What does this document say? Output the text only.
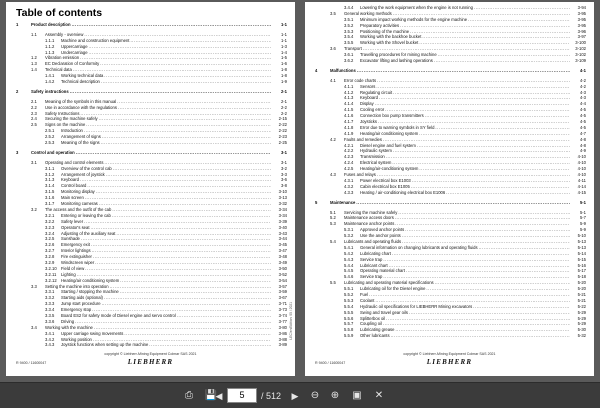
Table of contents
1	Product description . . .	1-1
1.1 Assembly - overview . . .	1-1
1.1.1 Machine and construction equipment . . .	1-1
1.1.2 Uppercarriage . . .	1-3
1.1.3 Undercarriage . . .	1-4
1.2 Vibration emission . . .	1-5
1.3 EC Declaration of Conformity . . .	1-6
1.4 Technical data . . .	1-8
1.4.1 Working technical data . . .	1-8
1.4.2 Technical description . . .	1-9
2	Safety instructions . . .	2-1
2.1 Meaning of the symbols in this manual . . .	2-1
2.2 Use in accordance with the regulations . . .	2-2
2.3 Safety Instructions . . .	2-2
2.4 Securing the machine safely . . .	2-15
2.5 Signs on the machine . . .	2-22
2.5.1 Introduction . . .	2-22
2.5.2 Arrangement of signs . . .	2-23
2.5.3 Meaning of the signs . . .	2-25
3	Control and operation . . .	3-1
3.1 Operating and control elements . . .	3-1
3.1.1 Overview of the control cab . . .	3-2
3.1.2 Arrangement of joystick . . .	3-3
3.1.3 Keyboard . . .	3-6
3.1.4 Control board . . .	3-8
3.1.5 Monitoring display . . .	3-10
3.1.6 Main screen . . .	3-13
3.1.7 Monitoring cameras . . .	3-32
3.2 The access and the outfit of the cab . . .	3-34
3.2.1 Entering or leaving the cab . . .	3-34
3.2.2 Safety lever . . .	3-39
3.2.3 Operator's seat . . .	3-40
3.2.4 Adjusting of the auxiliary seat . . .	3-43
3.2.5 Sunshade . . .	3-44
3.2.6 Emergency exit . . .	3-45
3.2.7 Interior lightings . . .	3-47
3.2.8 Fire extinguisher . . .	3-48
3.2.9 Windscreen wiper . . .	3-49
3.2.10 Field of view . . .	3-50
3.2.11 Lighting . . .	3-52
3.2.12 Heating/air conditioning system . . .	3-54
3.3 Setting the machine into operation . . .	3-57
3.3.1 Starting / stopping the machine . . .	3-59
3.3.2 Starting aids (optional) . . .	3-67
3.3.3 Jump start procedure . . .	3-71
3.3.4 Emergency stop . . .	3-73
3.3.5 Board ES2 for safety mode of Diesel engine and servo control . . .	3-74
3.3.6 Driving . . .	3-77
3.4 Working with the machine . . .	3-80
3.4.1 Upper carriage swing movements . . .	3-86
3.4.2 Working position . . .	3-88
3.4.3 Joystick functions when setting up the machine . . .	3-89
LEC/en/Edition: 05 / 2021
copyright © Liebherr-Mining Equipment Colmar SAS 2021
LIEBHERR
R 9400 / 11600047
3.4.4 Lowering the work equipment when the engine is not running . . .	3-94
3.5 General working methods . . .	3-95
3.5.1 Minimum impact working methods for the engine machine . . .	3-95
3.5.2 Preparatory activities . . .	3-95
3.5.3 Positioning of the machine . . .	3-96
3.5.4 Working with the backhoe bucket . . .	3-97
3.5.5 Working with the Shovel bucket . . .	3-100
3.6 Transport . . .	3-102
3.6.1 Travelling procedures for mining machine . . .	3-102
3.6.2 Excavator lifting and lashing operations . . .	3-109
4	Malfunctions . . .	4-1
4.1 Error code charts . . .	4-2
4.1.1 Sensors . . .	4-2
4.1.2 Regulating circuit . . .	4-3
4.1.3 Keyboard . . .	4-3
4.1.4 Display . . .	4-4
4.1.5 Cooling error . . .	4-5
4.1.6 Connection box pump transmitters . . .	4-5
4.1.7 Joysticks . . .	4-5
4.1.8 Error due to warning symbols in SY field . . .	4-5
4.1.9 Heating/air conditioning system . . .	4-7
4.2 Faults and remedies . . .	4-8
4.2.1 Diesel engine and fuel system . . .	4-8
4.2.2 Hydraulic system . . .	4-9
4.2.3 Transmission . . .	4-10
4.2.4 Electrical system . . .	4-10
4.2.5 Heating/air-conditioning system . . .	4-10
4.3 Fuses and relays . . .	4-10
4.3.1 Power electrical box E1003 . . .	4-11
4.3.2 Cabin electrical box E1005 . . .	4-14
4.3.3 Heating / air-conditioning electrical box E1006 . . .	4-15
5	Maintenance . . .	5-1
5.1 Servicing the machine safely . . .	5-1
5.2 Maintenance access doors . . .	5-7
5.3 Maintenance anchor points . . .	5-9
5.3.1 Approved anchor points . . .	5-9
5.3.2 Use the anchor points . . .	5-10
5.4 Lubricants and operating fluids . . .	5-13
5.4.1 General information on changing lubricants and operating fluids . . .	5-13
5.4.2 Lubricating chart . . .	5-14
5.4.3 Service trap . . .	5-15
5.4.4 Lubricant chart . . .	5-16
5.4.5 Operating material chart . . .	5-17
5.4.6 Service trap . . .	5-18
5.5 Lubricating and operating material specifications . . .	5-20
5.5.1 Lubricating oil for the Diesel engine . . .	5-20
5.5.2 Fuel . . .	5-21
5.5.3 Coolant . . .	5-21
5.5.4 Hydraulic oil specifications for LIEBHERR Mining excavators . . .	5-22
5.5.5 Swing and travel gear oils . . .	5-29
5.5.6 Splitterbox oil . . .	5-29
5.5.7 Coupling oil . . .	5-29
5.5.8 Lubricating grease . . .	5-30
5.5.9 Other lubricants . . .	5-32
copyright © Liebherr-Mining Equipment Colmar SAS 2021
LIEBHERR
R 9400 / 11600047
💾
⎙	◀	5	/ 512	▶	⊖ ⊕ ▣ ✕
